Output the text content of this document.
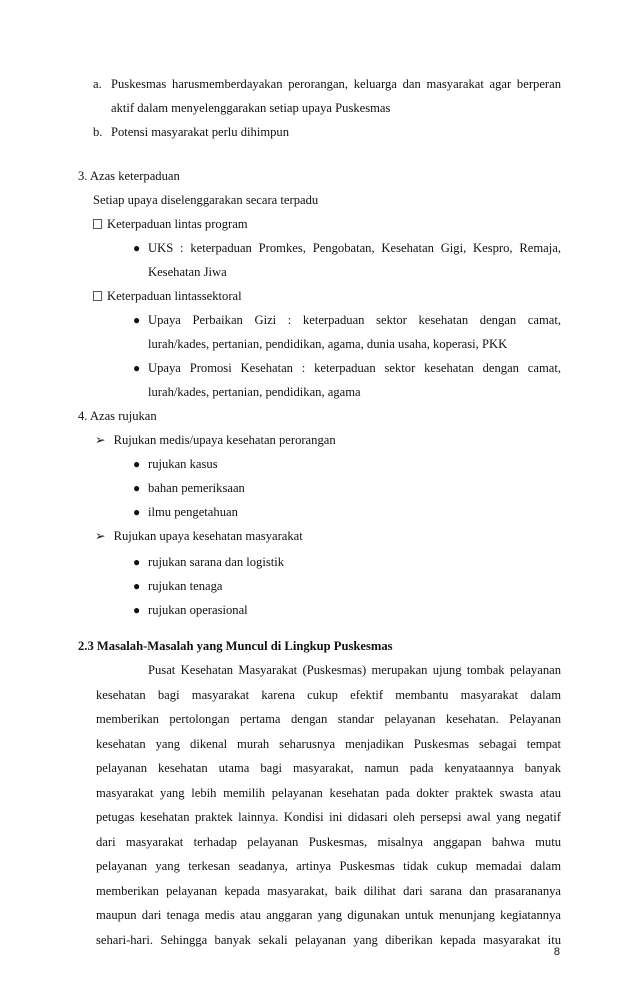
a. Puskesmas harusmemberdayakan perorangan, keluarga dan masyarakat agar berperan
aktif dalam menyelenggarakan setiap upaya Puskesmas
b. Potensi masyarakat perlu dihimpun
3. Azas keterpaduan
Setiap upaya diselenggarakan secara terpadu
Keterpaduan lintas program
● UKS : keterpaduan Promkes, Pengobatan, Kesehatan Gigi, Kespro, Remaja,
Kesehatan Jiwa
Keterpaduan lintassektoral
● Upaya Perbaikan Gizi : keterpaduan sektor kesehatan dengan camat,
lurah/kades, pertanian, pendidikan, agama, dunia usaha, koperasi, PKK
● Upaya Promosi Kesehatan : keterpaduan sektor kesehatan dengan camat,
lurah/kades, pertanian, pendidikan, agama
4. Azas rujukan
➢ Rujukan medis/upaya kesehatan perorangan
● rujukan kasus
● bahan pemeriksaan
● ilmu pengetahuan
➢ Rujukan upaya kesehatan masyarakat
● rujukan sarana dan logistik
● rujukan tenaga
● rujukan operasional
2.3 Masalah-Masalah yang Muncul di Lingkup Puskesmas
Pusat Kesehatan Masyarakat (Puskesmas) merupakan ujung tombak pelayanan
kesehatan bagi masyarakat karena cukup efektif membantu masyarakat dalam
memberikan pertolongan pertama dengan standar pelayanan kesehatan. Pelayanan
kesehatan yang dikenal murah seharusnya menjadikan Puskesmas sebagai tempat
pelayanan kesehatan utama bagi masyarakat, namun pada kenyataannya banyak
masyarakat yang lebih memilih pelayanan kesehatan pada dokter praktek swasta atau
petugas kesehatan praktek lainnya. Kondisi ini didasari oleh persepsi awal yang negatif
dari masyarakat terhadap pelayanan Puskesmas, misalnya anggapan bahwa mutu
pelayanan yang terkesan seadanya, artinya Puskesmas tidak cukup memadai dalam
memberikan pelayanan kepada masyarakat, baik dilihat dari sarana dan prasarananya
maupun dari tenaga medis atau anggaran yang digunakan untuk menunjang kegiatannya
8
sehari-hari. Sehingga banyak sekali pelayanan yang diberikan kepada masyarakat itu
